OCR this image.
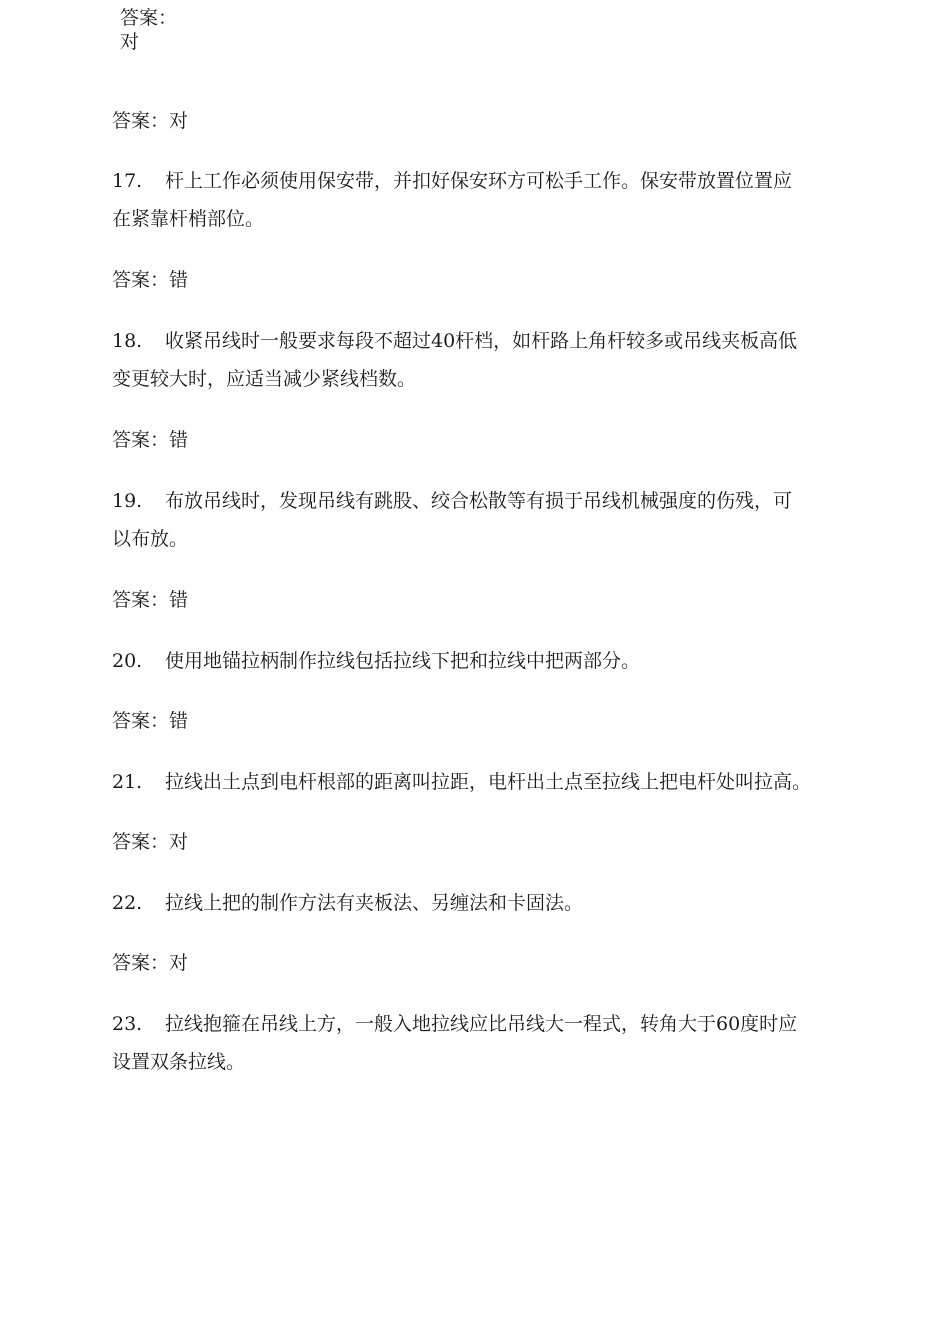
答案：
对
答案：对
17. 杆上工作必须使用保安带，并扣好保安环方可松手工作。保安带放置位置应
在紧靠杆梢部位。
答案：错
18. 收紧吊线时一般要求每段不超过40杆档，如杆路上角杆较多或吊线夹板高低
变更较大时，应适当减少紧线档数。
答案：错
19. 布放吊线时，发现吊线有跳股、绞合松散等有损于吊线机械强度的伤残，可
以布放。
答案：错
20. 使用地锚拉柄制作拉线包括拉线下把和拉线中把两部分。
答案：错
21. 拉线出土点到电杆根部的距离叫拉距，电杆出土点至拉线上把电杆处叫拉高。
答案：对
22. 拉线上把的制作方法有夹板法、另缠法和卡固法。
答案：对
23. 拉线抱箍在吊线上方，一般入地拉线应比吊线大一程式，转角大于60度时应
设置双条拉线。
